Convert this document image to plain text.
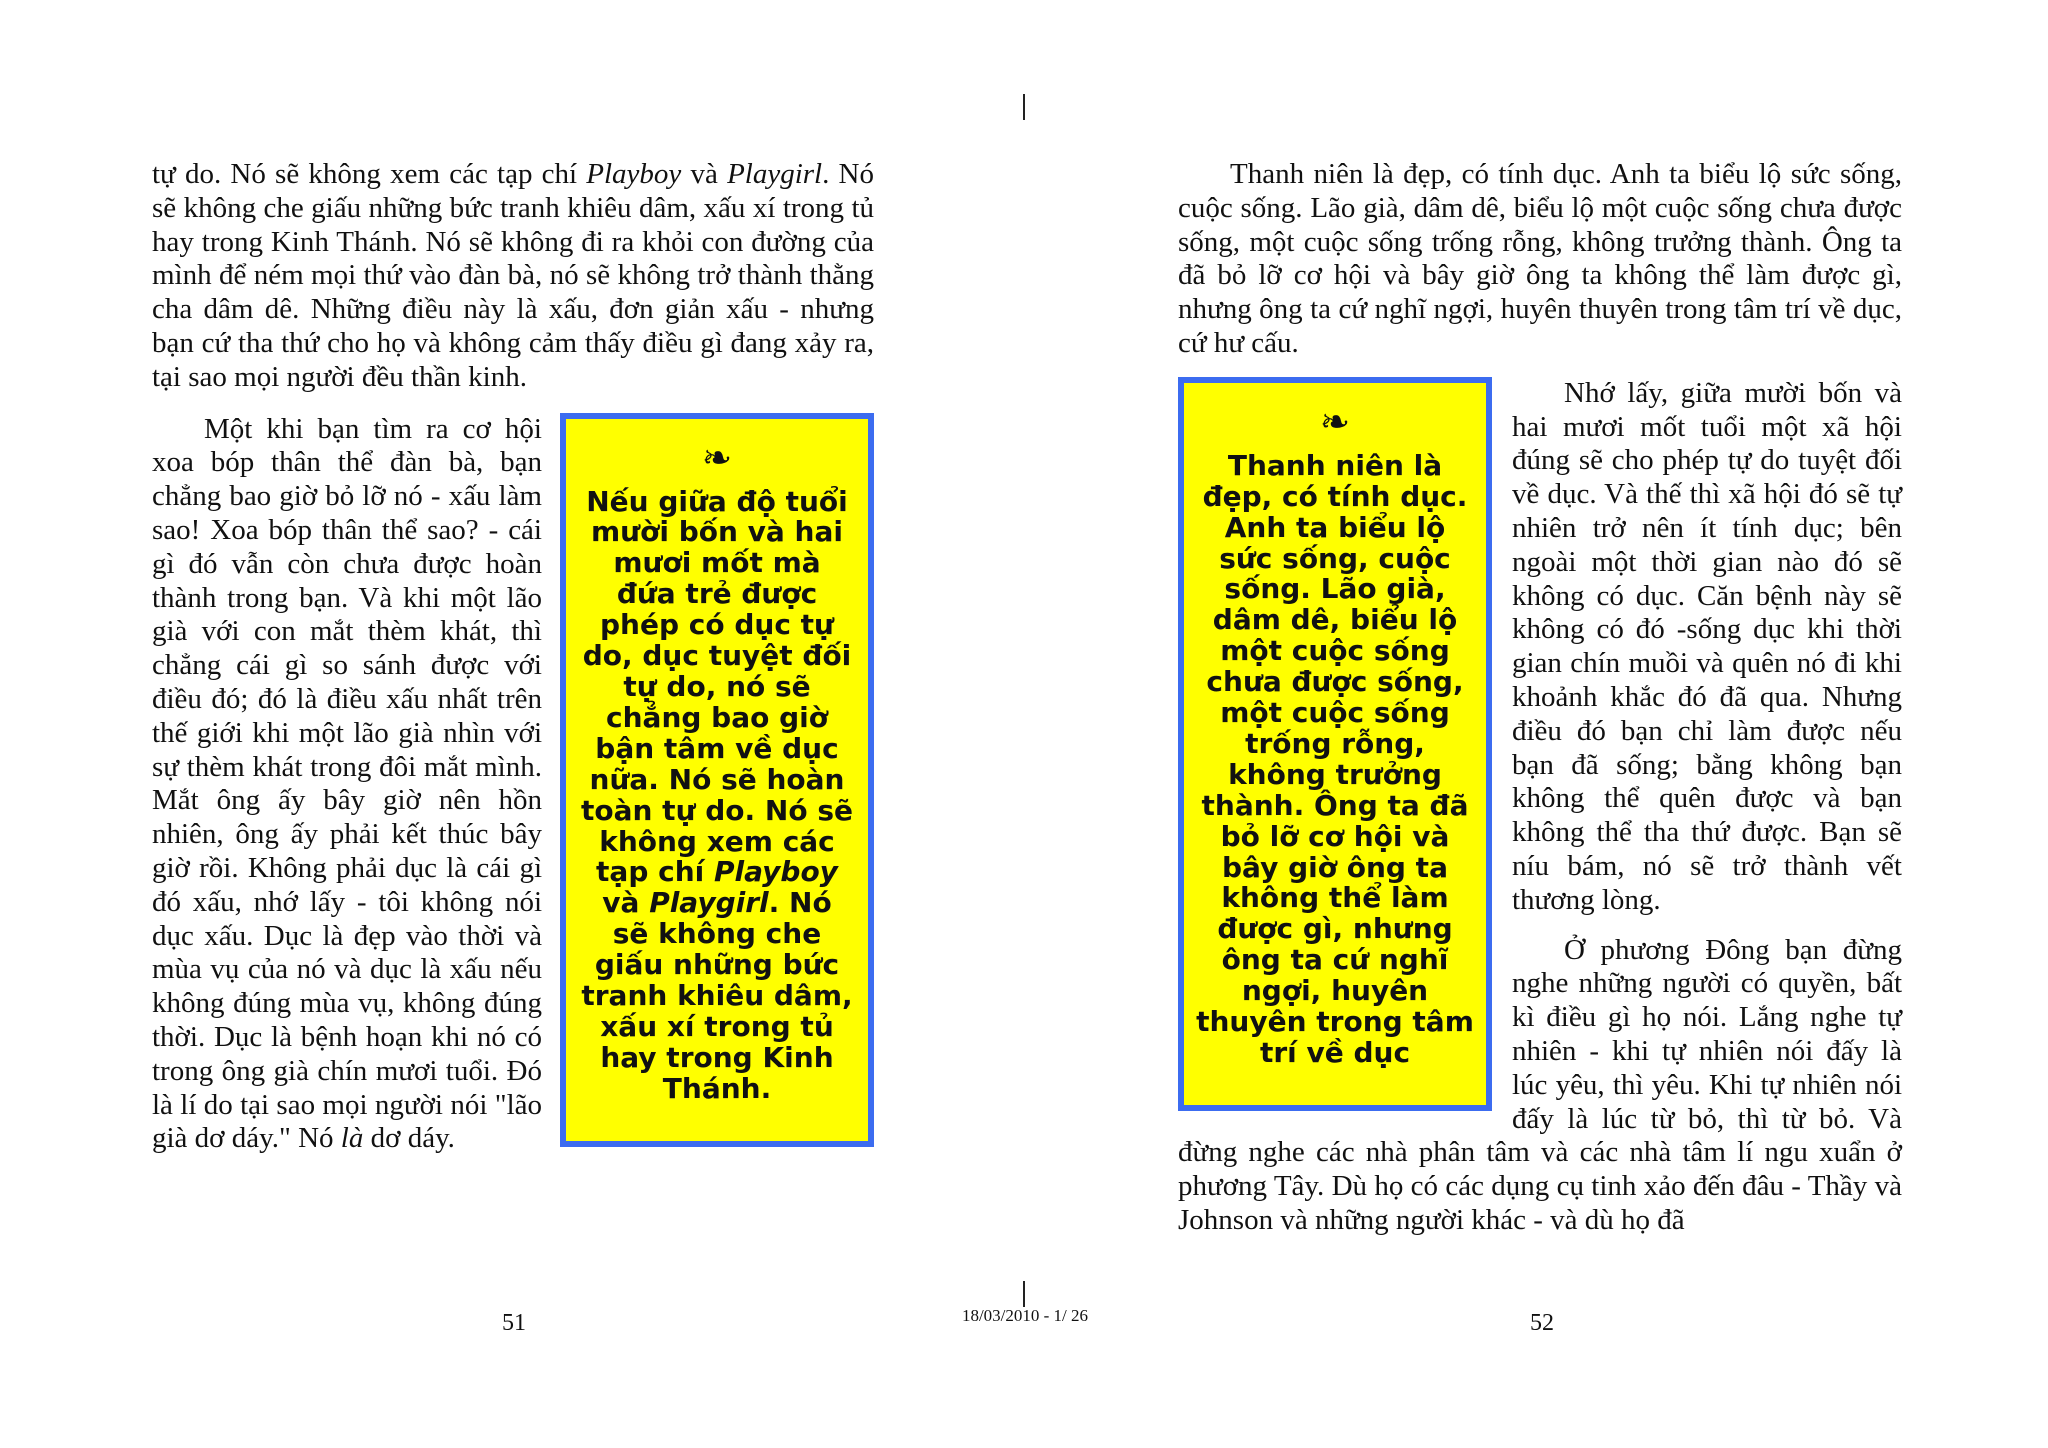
tự do. Nó sẽ không xem các tạp chí Playboy và Playgirl. Nó sẽ không che giấu những bức tranh khiêu dâm, xấu xí trong tủ hay trong Kinh Thánh. Nó sẽ không đi ra khỏi con đường của mình để ném mọi thứ vào đàn bà, nó sẽ không trở thành thằng cha dâm dê. Những điều này là xấu, đơn giản xấu - nhưng bạn cứ tha thứ cho họ và không cảm thấy điều gì đang xảy ra, tại sao mọi người đều thần kinh.

❧
Nếu giữa độ tuổi mười bốn và hai mươi mốt mà đứa trẻ được phép có dục tự do, dục tuyệt đối tự do, nó sẽ chẳng bao giờ bận tâm về dục nữa. Nó sẽ hoàn toàn tự do. Nó sẽ không xem các tạp chí Playboy và Playgirl. Nó sẽ không che giấu những bức tranh khiêu dâm, xấu xí trong tủ hay trong Kinh Thánh.

Một khi bạn tìm ra cơ hội xoa bóp thân thể đàn bà, bạn chẳng bao giờ bỏ lỡ nó - xấu làm sao! Xoa bóp thân thể sao? - cái gì đó vẫn còn chưa được hoàn thành trong bạn. Và khi một lão già với con mắt thèm khát, thì chẳng cái gì so sánh được với điều đó; đó là điều xấu nhất trên thế giới khi một lão già nhìn với sự thèm khát trong đôi mắt mình. Mắt ông ấy bây giờ nên hồn nhiên, ông ấy phải kết thúc bây giờ rồi. Không phải dục là cái gì đó xấu, nhớ lấy - tôi không nói dục xấu. Dục là đẹp vào thời và mùa vụ của nó và dục là xấu nếu không đúng mùa vụ, không đúng thời. Dục là bệnh hoạn khi nó có trong ông già chín mươi tuổi. Đó là lí do tại sao mọi người nói "lão già dơ dáy." Nó là dơ dáy.

Thanh niên là đẹp, có tính dục. Anh ta biểu lộ sức sống, cuộc sống. Lão già, dâm dê, biểu lộ một cuộc sống chưa được sống, một cuộc sống trống rỗng, không trưởng thành. Ông ta đã bỏ lỡ cơ hội và bây giờ ông ta không thể làm được gì, nhưng ông ta cứ nghĩ ngợi, huyên thuyên trong tâm trí về dục, cứ hư cấu.

❧
Thanh niên là đẹp, có tính dục. Anh ta biểu lộ sức sống, cuộc sống. Lão già, dâm dê, biểu lộ một cuộc sống chưa được sống, một cuộc sống trống rỗng, không trưởng thành. Ông ta đã bỏ lỡ cơ hội và bây giờ ông ta không thể làm được gì, nhưng ông ta cứ nghĩ ngợi, huyên thuyên trong tâm trí về dục

Nhớ lấy, giữa mười bốn và hai mươi mốt tuổi một xã hội đúng sẽ cho phép tự do tuyệt đối về dục. Và thế thì xã hội đó sẽ tự nhiên trở nên ít tính dục; bên ngoài một thời gian nào đó sẽ không có dục. Căn bệnh này sẽ không có đó -sống dục khi thời gian chín muồi và quên nó đi khi khoảnh khắc đó đã qua. Nhưng điều đó bạn chỉ làm được nếu bạn đã sống; bằng không bạn không thể quên được và bạn không thể tha thứ được. Bạn sẽ níu bám, nó sẽ trở thành vết thương lòng.

Ở phương Đông bạn đừng nghe những người có quyền, bất kì điều gì họ nói. Lắng nghe tự nhiên - khi tự nhiên nói đấy là lúc yêu, thì yêu. Khi tự nhiên nói đấy là lúc từ bỏ, thì từ bỏ. Và đừng nghe các nhà phân tâm và các nhà tâm lí ngu xuẩn ở phương Tây. Dù họ có các dụng cụ tinh xảo đến đâu - Thầy và Johnson và những người khác - và dù họ đã

51	18/03/2010 - 1/ 26	52
